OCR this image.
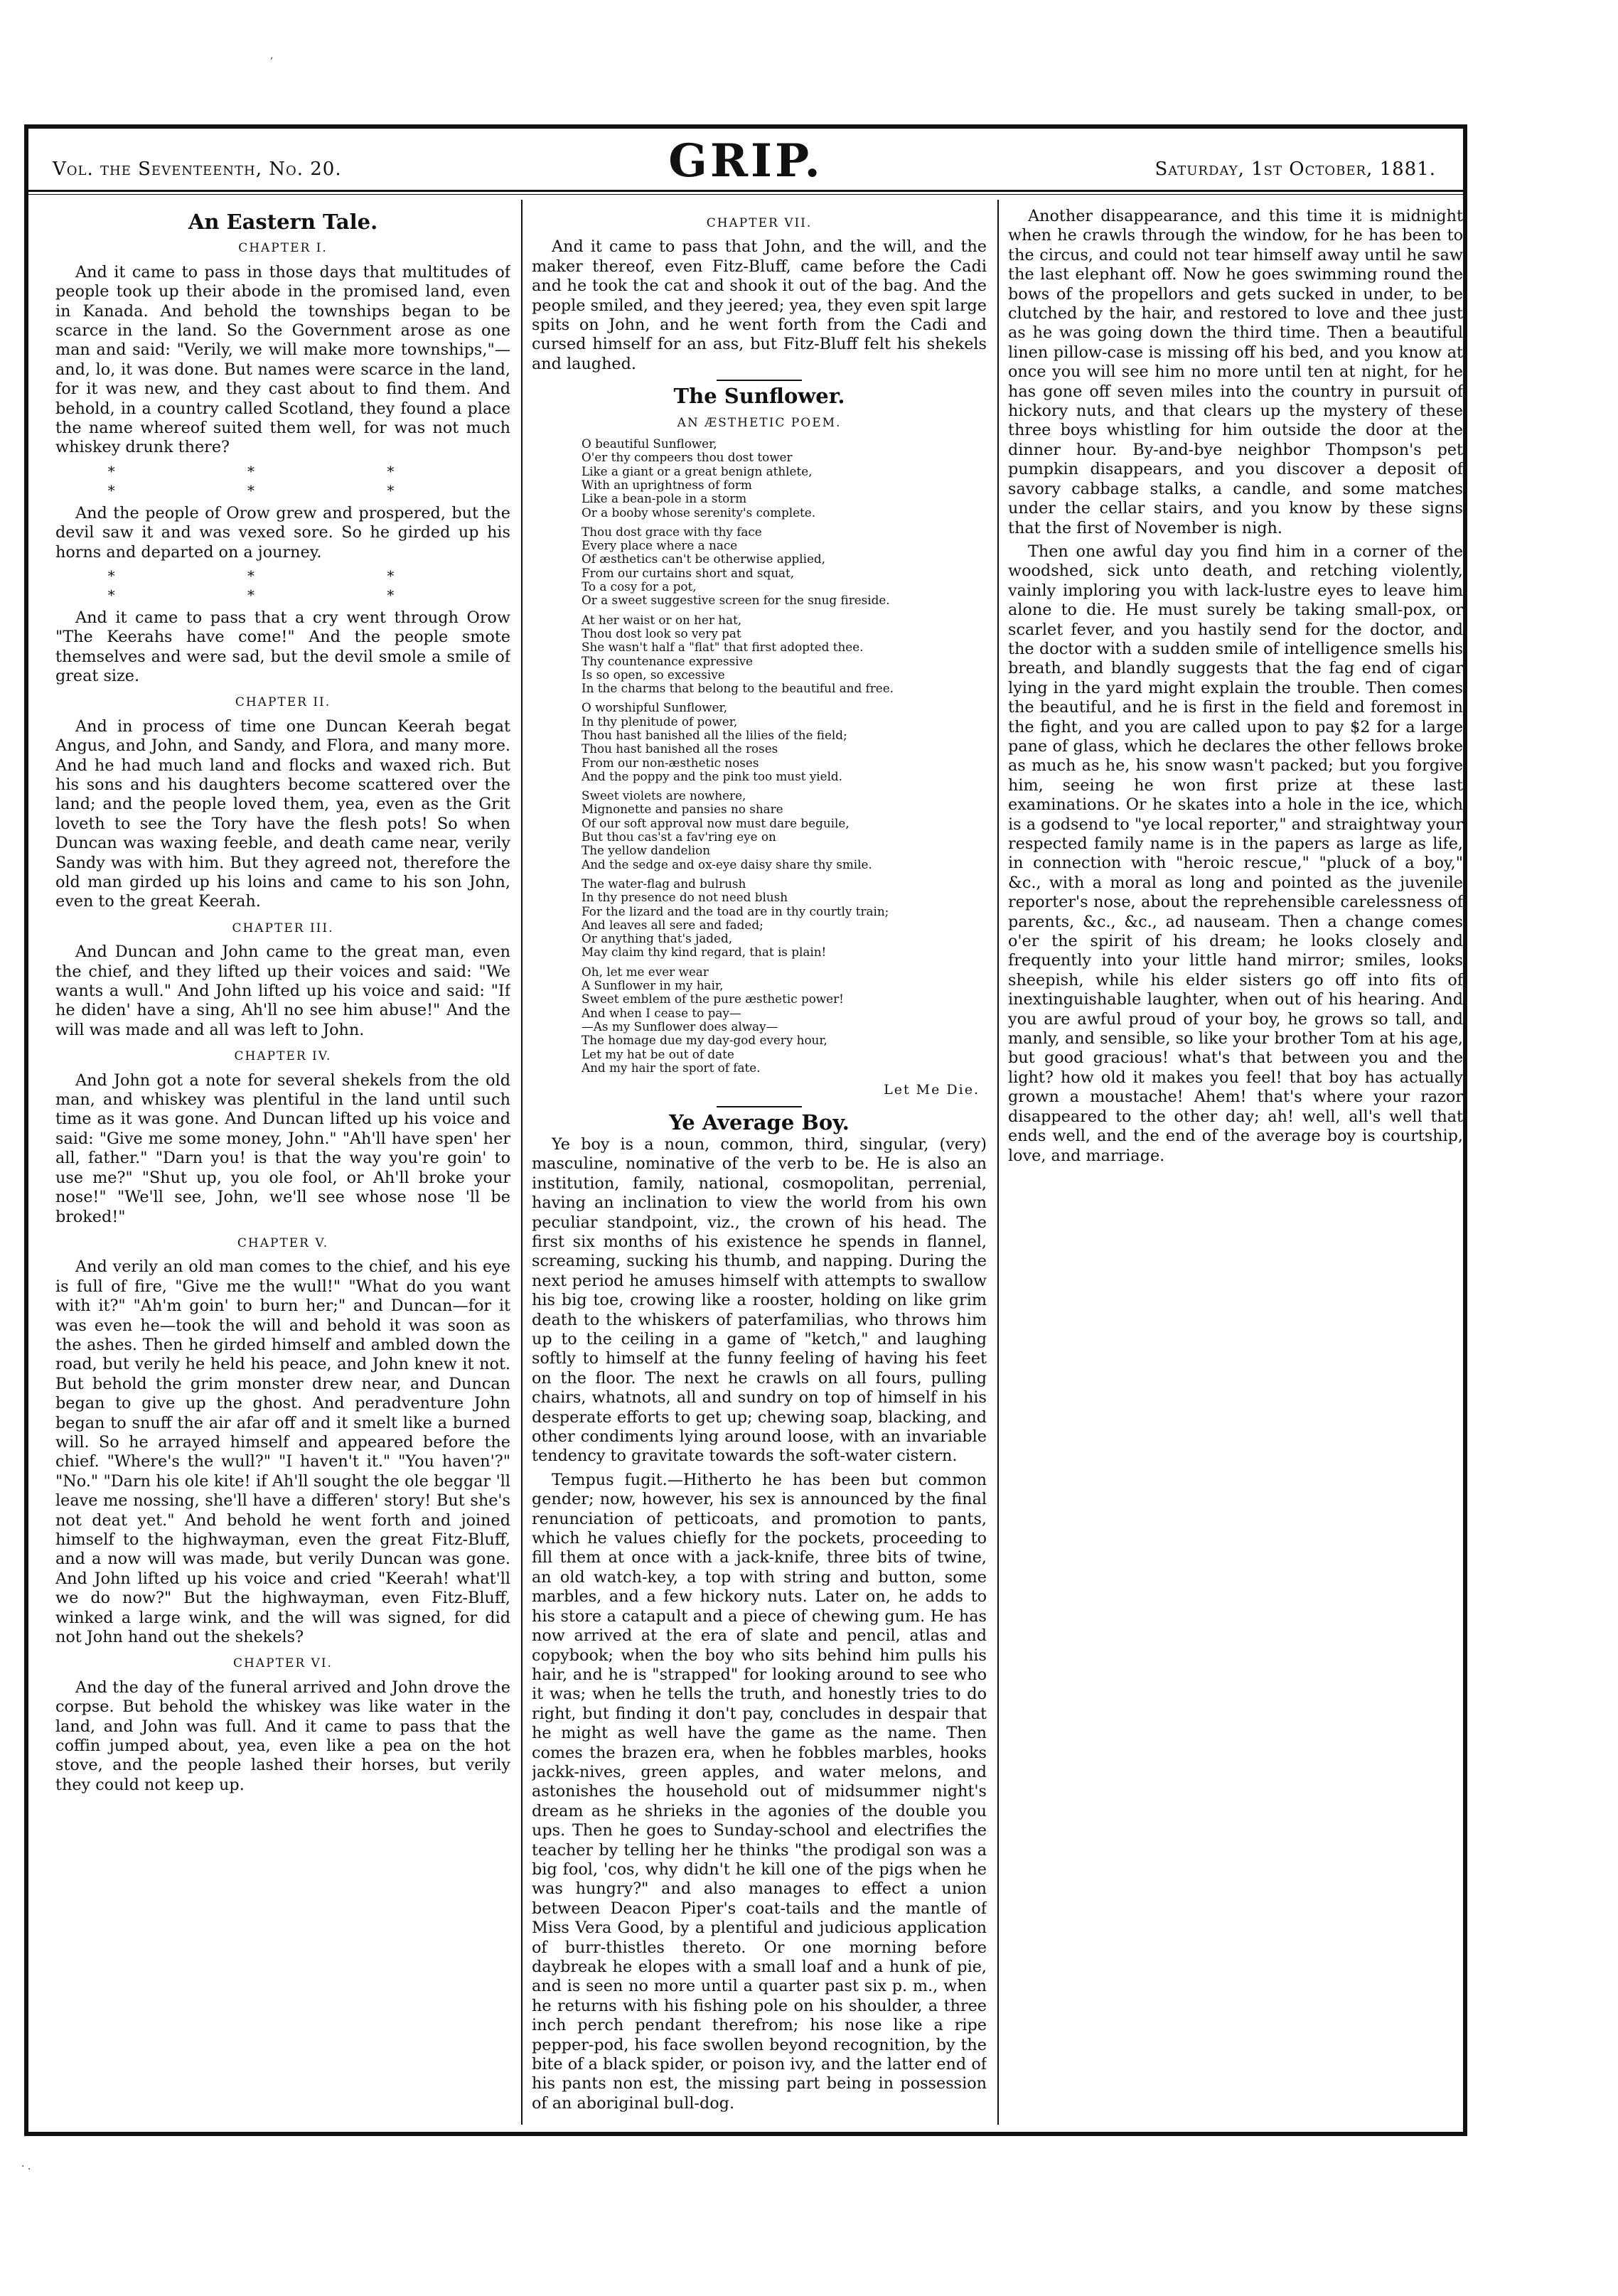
,
· .
Vol. the Seventeenth, No. 20.	GRIP.	Saturday, 1st October, 1881.
An Eastern Tale.
CHAPTER I.

And it came to pass in those days that multitudes of people took up their abode in the promised land, even in Kanada. And behold the townships began to be scarce in the land. So the Government arose as one man and said: "Verily, we will make more townships,"—and, lo, it was done. But names were scarce in the land, for it was new, and they cast about to find them. And behold, in a country called Scotland, they found a place the name whereof suited them well, for was not much whiskey drunk there?

* * * * * *

And the people of Orow grew and prospered, but the devil saw it and was vexed sore. So he girded up his horns and departed on a journey.

* * * * * *

And it came to pass that a cry went through Orow "The Keerahs have come!" And the people smote themselves and were sad, but the devil smole a smile of great size.

CHAPTER II.

And in process of time one Duncan Keerah begat Angus, and John, and Sandy, and Flora, and many more. And he had much land and flocks and waxed rich. But his sons and his daughters become scattered over the land; and the people loved them, yea, even as the Grit loveth to see the Tory have the flesh pots! So when Duncan was waxing feeble, and death came near, verily Sandy was with him. But they agreed not, therefore the old man girded up his loins and came to his son John, even to the great Keerah.

CHAPTER III.

And Duncan and John came to the great man, even the chief, and they lifted up their voices and said: "We wants a wull." And John lifted up his voice and said: "If he diden' have a sing, Ah'll no see him abuse!" And the will was made and all was left to John.

CHAPTER IV.

And John got a note for several shekels from the old man, and whiskey was plentiful in the land until such time as it was gone. And Duncan lifted up his voice and said: "Give me some money, John." "Ah'll have spen' her all, father." "Darn you! is that the way you're goin' to use me?" "Shut up, you ole fool, or Ah'll broke your nose!" "We'll see, John, we'll see whose nose 'll be broked!"

CHAPTER V.

And verily an old man comes to the chief, and his eye is full of fire, "Give me the wull!" "What do you want with it?" "Ah'm goin' to burn her;" and Duncan—for it was even he—took the will and behold it was soon as the ashes. Then he girded himself and ambled down the road, but verily he held his peace, and John knew it not. But behold the grim monster drew near, and Duncan began to give up the ghost. And peradventure John began to snuff the air afar off and it smelt like a burned will. So he arrayed himself and appeared before the chief. "Where's the wull?" "I haven't it." "You haven'?" "No." "Darn his ole kite! if Ah'll sought the ole beggar 'll leave me nossing, she'll have a differen' story! But she's not deat yet." And behold he went forth and joined himself to the highwayman, even the great Fitz-Bluff, and a now will was made, but verily Duncan was gone. And John lifted up his voice and cried "Keerah! what'll we do now?" But the highwayman, even Fitz-Bluff, winked a large wink, and the will was signed, for did not John hand out the shekels?

CHAPTER VI.

And the day of the funeral arrived and John drove the corpse. But behold the whiskey was like water in the land, and John was full. And it came to pass that the coffin jumped about, yea, even like a pea on the hot stove, and the people lashed their horses, but verily they could not keep up.

CHAPTER VII.

And it came to pass that John, and the will, and the maker thereof, even Fitz-Bluff, came before the Cadi and he took the cat and shook it out of the bag. And the people smiled, and they jeered; yea, they even spit large spits on John, and he went forth from the Cadi and cursed himself for an ass, but Fitz-Bluff felt his shekels and laughed.

The Sunflower.
AN ÆSTHETIC POEM.
O beautiful Sunflower,
O'er thy compeers thou dost tower
Like a giant or a great benign athlete,
With an uprightness of form
Like a bean-pole in a storm
Or a booby whose serenity's complete.
Thou dost grace with thy face
Every place where a nace
Of æsthetics can't be otherwise applied,
From our curtains short and squat,
To a cosy for a pot,
Or a sweet suggestive screen for the snug fireside.
At her waist or on her hat,
Thou dost look so very pat
She wasn't half a "flat" that first adopted thee.
Thy countenance expressive
Is so open, so excessive
In the charms that belong to the beautiful and free.
O worshipful Sunflower,
In thy plenitude of power,
Thou hast banished all the lilies of the field;
Thou hast banished all the roses
From our non-æsthetic noses
And the poppy and the pink too must yield.
Sweet violets are nowhere,
Mignonette and pansies no share
Of our soft approval now must dare beguile,
But thou cas'st a fav'ring eye on
The yellow dandelion
And the sedge and ox-eye daisy share thy smile.
The water-flag and bulrush
In thy presence do not need blush
For the lizard and the toad are in thy courtly train;
And leaves all sere and faded;
Or anything that's jaded,
May claim thy kind regard, that is plain!
Oh, let me ever wear
A Sunflower in my hair,
Sweet emblem of the pure æsthetic power!
And when I cease to pay—
—As my Sunflower does alway—
The homage due my day-god every hour,
Let my hat be out of date
And my hair the sport of fate.
Let Me Die.
Ye Average Boy.

Ye boy is a noun, common, third, singular, (very) masculine, nominative of the verb to be. He is also an institution, family, national, cosmopolitan, perrenial, having an inclination to view the world from his own peculiar standpoint, viz., the crown of his head. The first six months of his existence he spends in flannel, screaming, sucking his thumb, and napping. During the next period he amuses himself with attempts to swallow his big toe, crowing like a rooster, holding on like grim death to the whiskers of paterfamilias, who throws him up to the ceiling in a game of "ketch," and laughing softly to himself at the funny feeling of having his feet on the floor. The next he crawls on all fours, pulling chairs, whatnots, all and sundry on top of himself in his desperate efforts to get up; chewing soap, blacking, and other condiments lying around loose, with an invariable tendency to gravitate towards the soft-water cistern.

Tempus fugit.—Hitherto he has been but common gender; now, however, his sex is announced by the final renunciation of petticoats, and promotion to pants, which he values chiefly for the pockets, proceeding to fill them at once with a jack-knife, three bits of twine, an old watch-key, a top with string and button, some marbles, and a few hickory nuts. Later on, he adds to his store a catapult and a piece of chewing gum. He has now arrived at the era of slate and pencil, atlas and copybook; when the boy who sits behind him pulls his hair, and he is "strapped" for looking around to see who it was; when he tells the truth, and honestly tries to do right, but finding it don't pay, concludes in despair that he might as well have the game as the name. Then comes the brazen era, when he fobbles marbles, hooks jackk-nives, green apples, and water melons, and astonishes the household out of midsummer night's dream as he shrieks in the agonies of the double you ups. Then he goes to Sunday-school and electrifies the teacher by telling her he thinks "the prodigal son was a big fool, 'cos, why didn't he kill one of the pigs when he was hungry?" and also manages to effect a union between Deacon Piper's coat-tails and the mantle of Miss Vera Good, by a plentiful and judicious application of burr-thistles thereto. Or one morning before daybreak he elopes with a small loaf and a hunk of pie, and is seen no more until a quarter past six p. m., when he returns with his fishing pole on his shoulder, a three inch perch pendant therefrom; his nose like a ripe pepper-pod, his face swollen beyond recognition, by the bite of a black spider, or poison ivy, and the latter end of his pants non est, the missing part being in possession of an aboriginal bull-dog.

Another disappearance, and this time it is midnight when he crawls through the window, for he has been to the circus, and could not tear himself away until he saw the last elephant off. Now he goes swimming round the bows of the propellors and gets sucked in under, to be clutched by the hair, and restored to love and thee just as he was going down the third time. Then a beautiful linen pillow-case is missing off his bed, and you know at once you will see him no more until ten at night, for he has gone off seven miles into the country in pursuit of hickory nuts, and that clears up the mystery of these three boys whistling for him outside the door at the dinner hour. By-and-bye neighbor Thompson's pet pumpkin disappears, and you discover a deposit of savory cabbage stalks, a candle, and some matches under the cellar stairs, and you know by these signs that the first of November is nigh.

Then one awful day you find him in a corner of the woodshed, sick unto death, and retching violently, vainly imploring you with lack-lustre eyes to leave him alone to die. He must surely be taking small-pox, or scarlet fever, and you hastily send for the doctor, and the doctor with a sudden smile of intelligence smells his breath, and blandly suggests that the fag end of cigar lying in the yard might explain the trouble. Then comes the beautiful, and he is first in the field and foremost in the fight, and you are called upon to pay $2 for a large pane of glass, which he declares the other fellows broke as much as he, his snow wasn't packed; but you forgive him, seeing he won first prize at these last examinations. Or he skates into a hole in the ice, which is a godsend to "ye local reporter," and straightway your respected family name is in the papers as large as life, in connection with "heroic rescue," "pluck of a boy," &c., with a moral as long and pointed as the juvenile reporter's nose, about the reprehensible carelessness of parents, &c., &c., ad nauseam. Then a change comes o'er the spirit of his dream; he looks closely and frequently into your little hand mirror; smiles, looks sheepish, while his elder sisters go off into fits of inextinguishable laughter, when out of his hearing. And you are awful proud of your boy, he grows so tall, and manly, and sensible, so like your brother Tom at his age, but good gracious! what's that between you and the light? how old it makes you feel! that boy has actually grown a moustache! Ahem! that's where your razor disappeared to the other day; ah! well, all's well that ends well, and the end of the average boy is courtship, love, and marriage.
